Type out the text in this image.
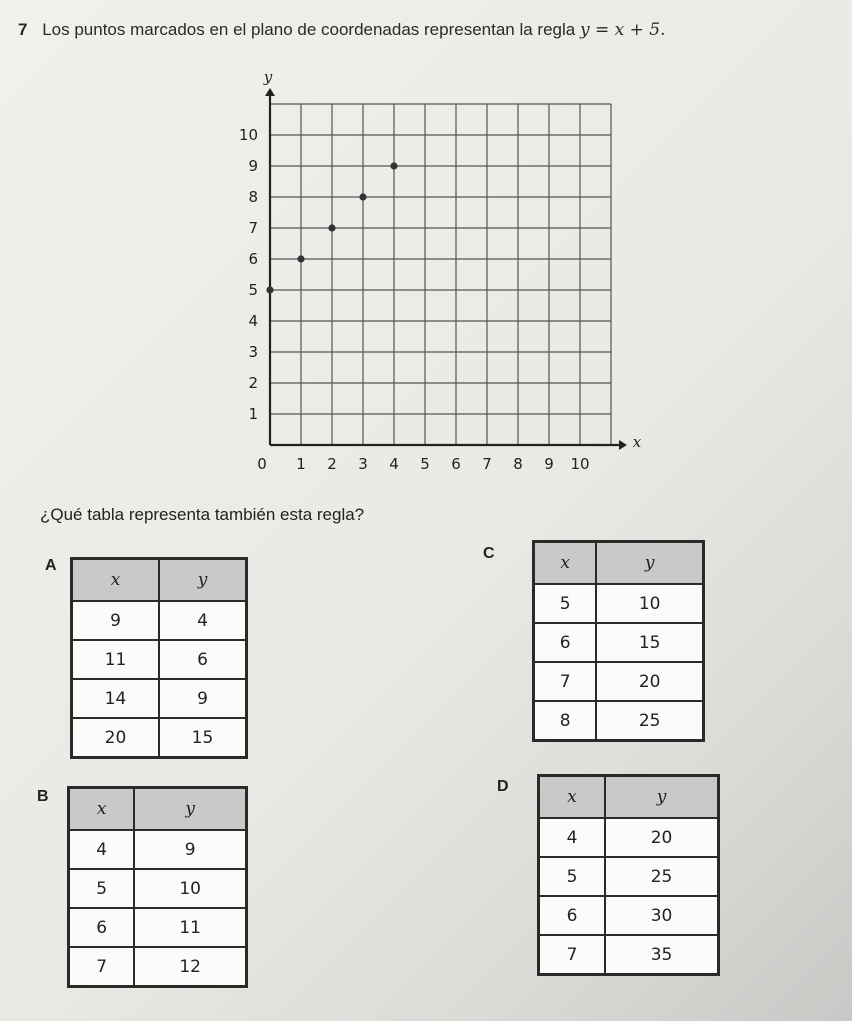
7 Los puntos marcados en el plano de coordenadas representan la regla y = x + 5.
1 2 3 4 5 6 7 8 9 10
1
2
3
4
5
6
7
8
9
10
0
x
y
¿Qué tabla representa también esta regla?
A
x	y
9	4
11	6
14	9
20	15
B
x	y
4	9
5	10
6	11
7	12
C	x	y
5	10
6	15
7	20
8	25
D
x	y
4	20
5	25
6	30
7	35
